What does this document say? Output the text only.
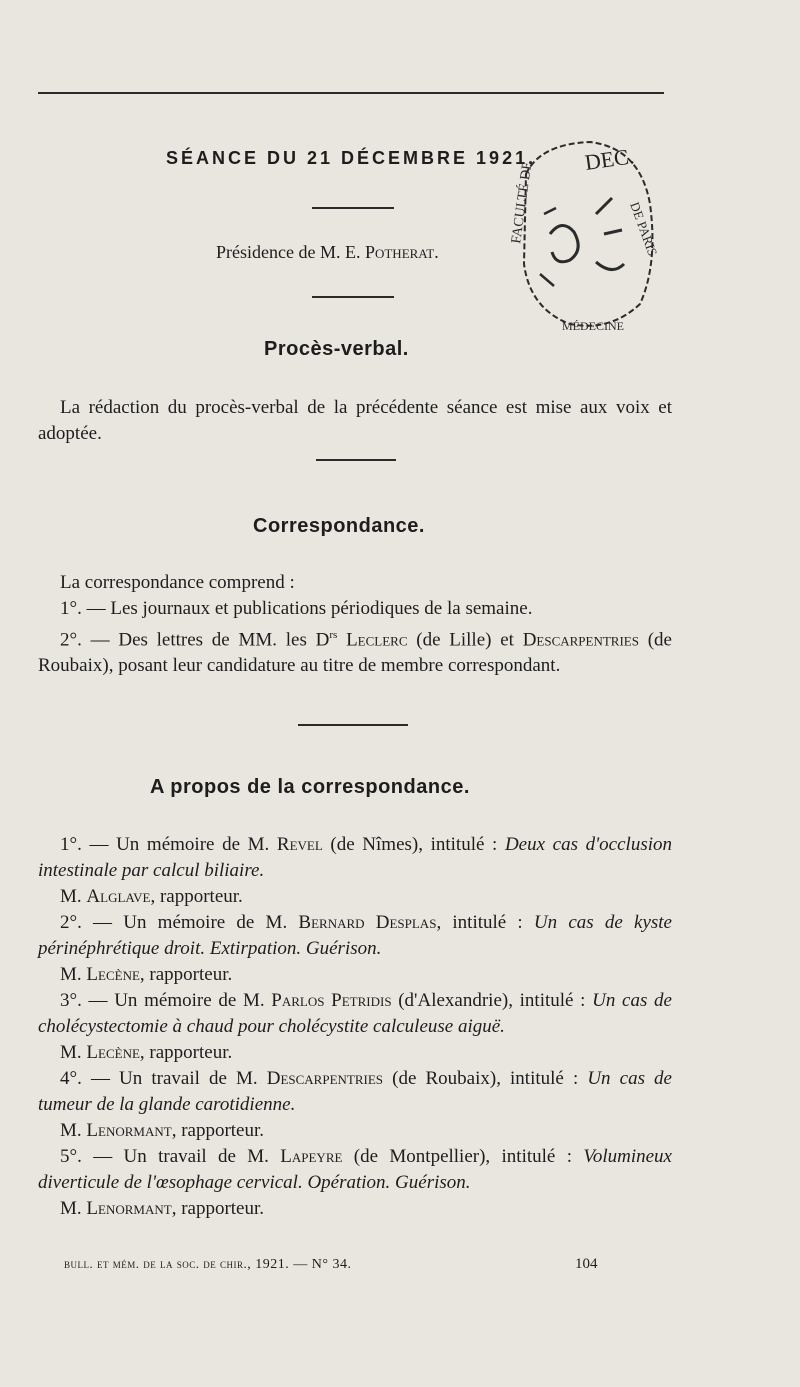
SÉANCE DU 21 DÉCEMBRE 1921.
Présidence de M. E. Potherat.
DEC.
FACULTÉ DE	DE PARIS
MÉDECINE
Procès-verbal.

La rédaction du procès-verbal de la précédente séance est mise aux voix et adoptée.

Correspondance.

La correspondance comprend :

1°. — Les journaux et publications périodiques de la semaine.

2°. — Des lettres de MM. les $D^{rs}$ Leclerc (de Lille) et Descarpentries (de Roubaix), posant leur candidature au titre de membre correspondant.

A propos de la correspondance.

1°. — Un mémoire de M. Revel (de Nîmes), intitulé : Deux cas d'occlusion intestinale par calcul biliaire.

M. Alglave, rapporteur.

2°. — Un mémoire de M. Bernard Desplas, intitulé : Un cas de kyste périnéphrétique droit. Extirpation. Guérison.

M. Lecène, rapporteur.

3°. — Un mémoire de M. Parlos Petridis (d'Alexandrie), intitulé : Un cas de cholécystectomie à chaud pour cholécystite calculeuse aiguë.

M. Lecène, rapporteur.

4°. — Un travail de M. Descarpentries (de Roubaix), intitulé : Un cas de tumeur de la glande carotidienne.

M. Lenormant, rapporteur.

5°. — Un travail de M. Lapeyre (de Montpellier), intitulé : Volumineux diverticule de l'œsophage cervical. Opération. Guérison.

M. Lenormant, rapporteur.

bull. et mém. de la soc. de chir., 1921. — N° 34.	104
